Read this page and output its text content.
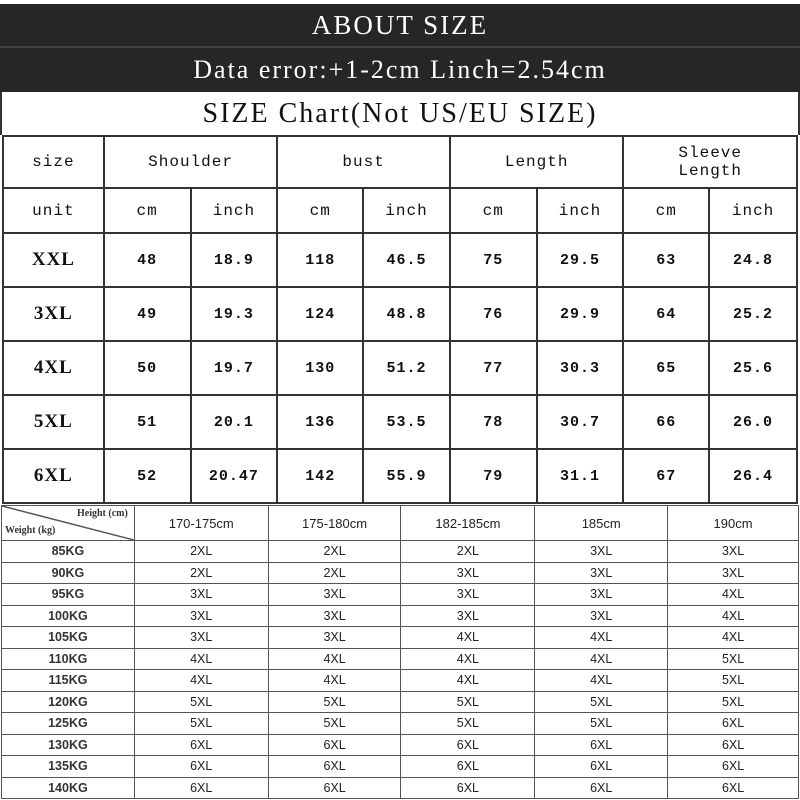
ABOUT SIZE
Data error:+1-2cm Linch=2.54cm
SIZE Chart(Not US/EU SIZE)
size	Shoulder		bust		Length		Sleeve
Length	
unit	cm	inch	cm	inch	cm	inch	cm	inch
XXL	48	18.9	118	46.5	75	29.5	63	24.8
3XL	49	19.3	124	48.8	76	29.9	64	25.2
4XL	50	19.7	130	51.2	77	30.3	65	25.6
5XL	51	20.1	136	53.5	78	30.7	66	26.0
6XL	52	20.47	142	55.9	79	31.1	67	26.4
Height (cm)
Weight (kg)	170-175cm	175-180cm	182-185cm	185cm	190cm
85KG	2XL	2XL	2XL	3XL	3XL
90KG	2XL	2XL	3XL	3XL	3XL
95KG	3XL	3XL	3XL	3XL	4XL
100KG	3XL	3XL	3XL	3XL	4XL
105KG	3XL	3XL	4XL	4XL	4XL
110KG	4XL	4XL	4XL	4XL	5XL
115KG	4XL	4XL	4XL	4XL	5XL
120KG	5XL	5XL	5XL	5XL	5XL
125KG	5XL	5XL	5XL	5XL	6XL
130KG	6XL	6XL	6XL	6XL	6XL
135KG	6XL	6XL	6XL	6XL	6XL
140KG	6XL	6XL	6XL	6XL	6XL
